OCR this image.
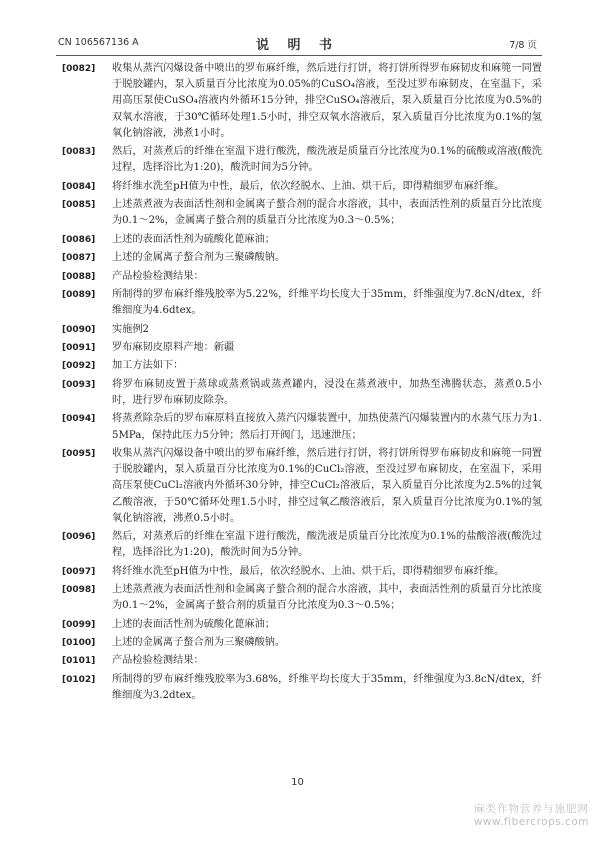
CN 106567136 A	说 明 书	7/8 页

[0082] 收集从蒸汽闪爆设备中喷出的罗布麻纤维，然后进行打饼，将打饼所得罗布麻韧皮和麻篼一同置于脱胶罐内，泵入质量百分比浓度为0.05%的CuSO₄溶液，至没过罗布麻韧皮，在室温下，采用高压泵使CuSO₄溶液内外循环15分钟，排空CuSO₄溶液后，泵入质量百分比浓度为0.5%的双氧水溶液，于30℃循环处理1.5小时，排空双氧水溶液后，泵入质量百分比浓度为0.1%的氢氧化钠溶液，沸煮1小时。

[0083] 然后，对蒸煮后的纤维在室温下进行酸洗，酸洗液是质量百分比浓度为0.1%的硫酸或溶液(酸洗过程，选择浴比为1:20)，酸洗时间为5分钟。

[0084] 将纤维水洗至pH值为中性，最后，依次经脱水、上油、烘干后，即得精细罗布麻纤维。

[0085] 上述蒸煮液为表面活性剂和金属离子螯合剂的混合水溶液，其中，表面活性剂的质量百分比浓度为0.1～2%，金属离子螯合剂的质量百分比浓度为0.3～0.5%；

[0086] 上述的表面活性剂为硫酸化蓖麻油；

[0087] 上述的金属离子螯合剂为三聚磷酸钠。

[0088] 产品检验检测结果：

[0089] 所制得的罗布麻纤维残胶率为5.22%，纤维平均长度大于35mm，纤维强度为7.8cN/dtex，纤维细度为4.6dtex。

[0090] 实施例2

[0091] 罗布麻韧皮原料产地：新疆

[0092] 加工方法如下：

[0093] 将罗布麻韧皮置于蒸球或蒸煮锅或蒸煮罐内，浸没在蒸煮液中，加热至沸腾状态，蒸煮0.5小时，进行罗布麻韧皮除杂。

[0094] 将蒸煮除杂后的罗布麻原料直接放入蒸汽闪爆装置中，加热使蒸汽闪爆装置内的水蒸气压力为1.5MPa，保持此压力5分钟；然后打开阀门，迅速泄压；

[0095] 收集从蒸汽闪爆设备中喷出的罗布麻纤维，然后进行打饼，将打饼所得罗布麻韧皮和麻篼一同置于脱胶罐内，泵入质量百分比浓度为0.1%的CuCl₂溶液，至没过罗布麻韧皮，在室温下，采用高压泵使CuCl₂溶液内外循环30分钟，排空CuCl₂溶液后，泵入质量百分比浓度为2.5%的过氧乙酸溶液，于50℃循环处理1.5小时，排空过氧乙酸溶液后，泵入质量百分比浓度为0.1%的氢氧化钠溶液，沸煮0.5小时。

[0096] 然后，对蒸煮后的纤维在室温下进行酸洗，酸洗液是质量百分比浓度为0.1%的盐酸溶液(酸洗过程，选择浴比为1:20)，酸洗时间为5分钟。

[0097] 将纤维水洗至pH值为中性，最后，依次经脱水、上油、烘干后，即得精细罗布麻纤维。

[0098] 上述蒸煮液为表面活性剂和金属离子螯合剂的混合水溶液，其中，表面活性剂的质量百分比浓度为0.1～2%，金属离子螯合剂的质量百分比浓度为0.3～0.5%；

[0099] 上述的表面活性剂为硫酸化蓖麻油；

[0100] 上述的金属离子螯合剂为三聚磷酸钠。

[0101] 产品检验检测结果：

[0102] 所制得的罗布麻纤维残胶率为3.68%，纤维平均长度大于35mm，纤维强度为3.8cN/dtex，纤维细度为3.2dtex。

10
麻类作物营养与施肥网
www.fibercrops.com
